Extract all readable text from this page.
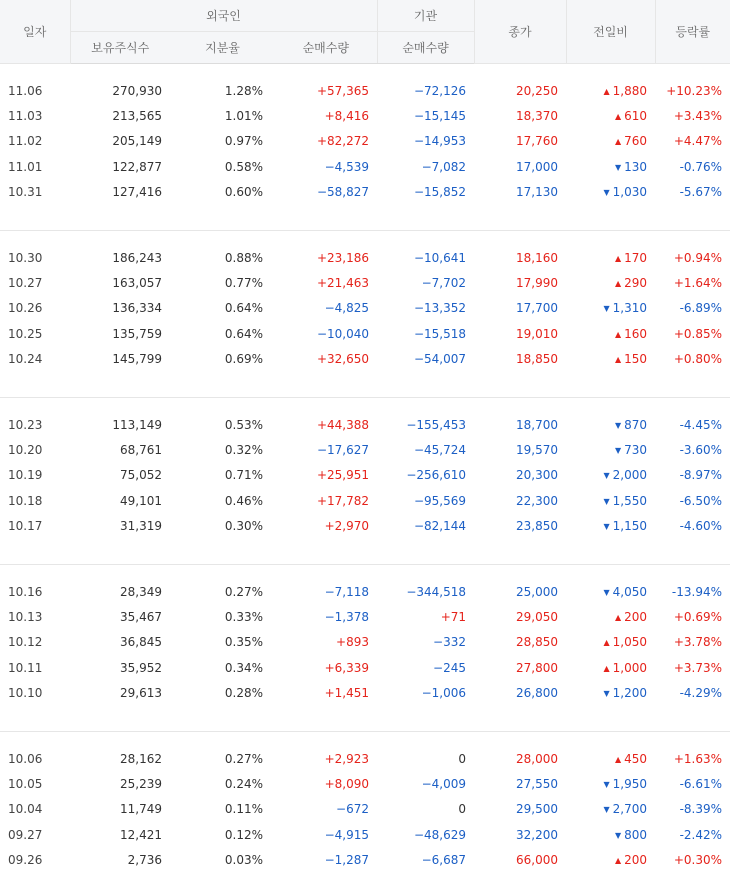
일자	외국인			기관	종가	전일비	등락률
	보유주식수	지분율	순매수량	순매수량			

11.06	270,930	1.28%	+57,365	−72,126	20,250	▲ 1,880	+10.23%
11.03	213,565	1.01%	+8,416	−15,145	18,370	▲ 610	+3.43%
11.02	205,149	0.97%	+82,272	−14,953	17,760	▲ 760	+4.47%
11.01	122,877	0.58%	−4,539	−7,082	17,000	▼ 130	-0.76%
10.31	127,416	0.60%	−58,827	−15,852	17,130	▼ 1,030	-5.67%

10.30	186,243	0.88%	+23,186	−10,641	18,160	▲ 170	+0.94%
10.27	163,057	0.77%	+21,463	−7,702	17,990	▲ 290	+1.64%
10.26	136,334	0.64%	−4,825	−13,352	17,700	▼ 1,310	-6.89%
10.25	135,759	0.64%	−10,040	−15,518	19,010	▲ 160	+0.85%
10.24	145,799	0.69%	+32,650	−54,007	18,850	▲ 150	+0.80%

10.23	113,149	0.53%	+44,388	−155,453	18,700	▼ 870	-4.45%
10.20	68,761	0.32%	−17,627	−45,724	19,570	▼ 730	-3.60%
10.19	75,052	0.71%	+25,951	−256,610	20,300	▼ 2,000	-8.97%
10.18	49,101	0.46%	+17,782	−95,569	22,300	▼ 1,550	-6.50%
10.17	31,319	0.30%	+2,970	−82,144	23,850	▼ 1,150	-4.60%

10.16	28,349	0.27%	−7,118	−344,518	25,000	▼ 4,050	-13.94%
10.13	35,467	0.33%	−1,378	+71	29,050	▲ 200	+0.69%
10.12	36,845	0.35%	+893	−332	28,850	▲ 1,050	+3.78%
10.11	35,952	0.34%	+6,339	−245	27,800	▲ 1,000	+3.73%
10.10	29,613	0.28%	+1,451	−1,006	26,800	▼ 1,200	-4.29%

10.06	28,162	0.27%	+2,923	0	28,000	▲ 450	+1.63%
10.05	25,239	0.24%	+8,090	−4,009	27,550	▼ 1,950	-6.61%
10.04	11,749	0.11%	−672	0	29,500	▼ 2,700	-8.39%
09.27	12,421	0.12%	−4,915	−48,629	32,200	▼ 800	-2.42%
09.26	2,736	0.03%	−1,287	−6,687	66,000	▲ 200	+0.30%
